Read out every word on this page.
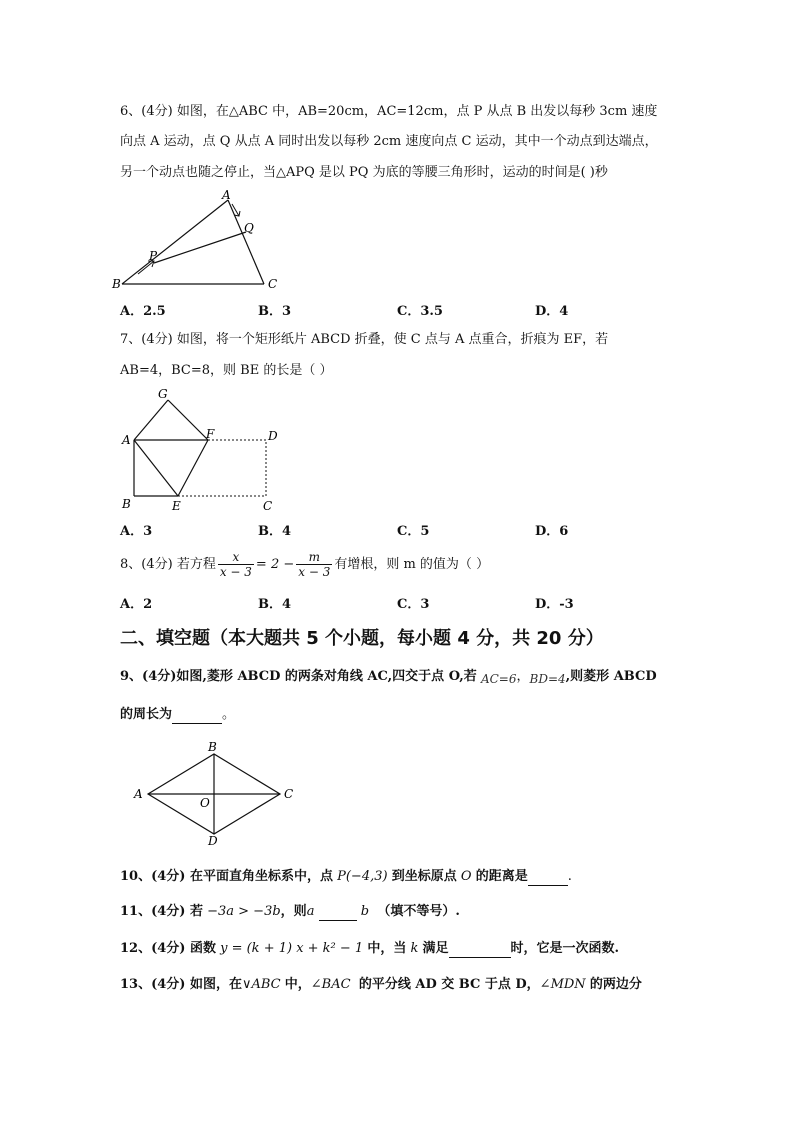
6、(4分) 如图，在△ABC 中，AB=20cm，AC=12cm，点 P 从点 B 出发以每秒 3cm 速度
向点 A 运动，点 Q 从点 A 同时出发以每秒 2cm 速度向点 C 运动，其中一个动点到达端点，
另一个动点也随之停止，当△APQ 是以 PQ 为底的等腰三角形时，运动的时间是( )秒
A
B	C
P
Q
A．2.5	B．3	C．3.5	D．4
7、(4分) 如图，将一个矩形纸片 ABCD 折叠，使 C 点与 A 点重合，折痕为 EF，若
AB=4，BC=8，则 BE 的长是（ ）
G
A	F	D
B	E	C
A．3	B．4	C．5	D．6
8、(4分) 若方程 $\frac{x}{x - 3} = 2 - \frac{m}{x - 3}$ 有增根，则 m 的值为（ ）
A．2	B．4	C．3	D．-3
二、填空题（本大题共 5 个小题，每小题 4 分，共 20 分）
9、(4分)如图,菱形 ABCD 的两条对角线 AC,四交于点 O,若 AC=6，BD=4,则菱形 ABCD
的周长为	。
B
A	C
D
O
10、(4分) 在平面直角坐标系中，点 P(−4,3) 到坐标原点 O 的距离是	.
11、(4分) 若 −3a > −3b，则a	b （填不等号）.
12、(4分) 函数 y = (k + 1) x + k² − 1 中，当 k 满足	时，它是一次函数.
13、(4分) 如图，在∨ABC 中，∠BAC 的平分线 AD 交 BC 于点 D，∠MDN 的两边分
